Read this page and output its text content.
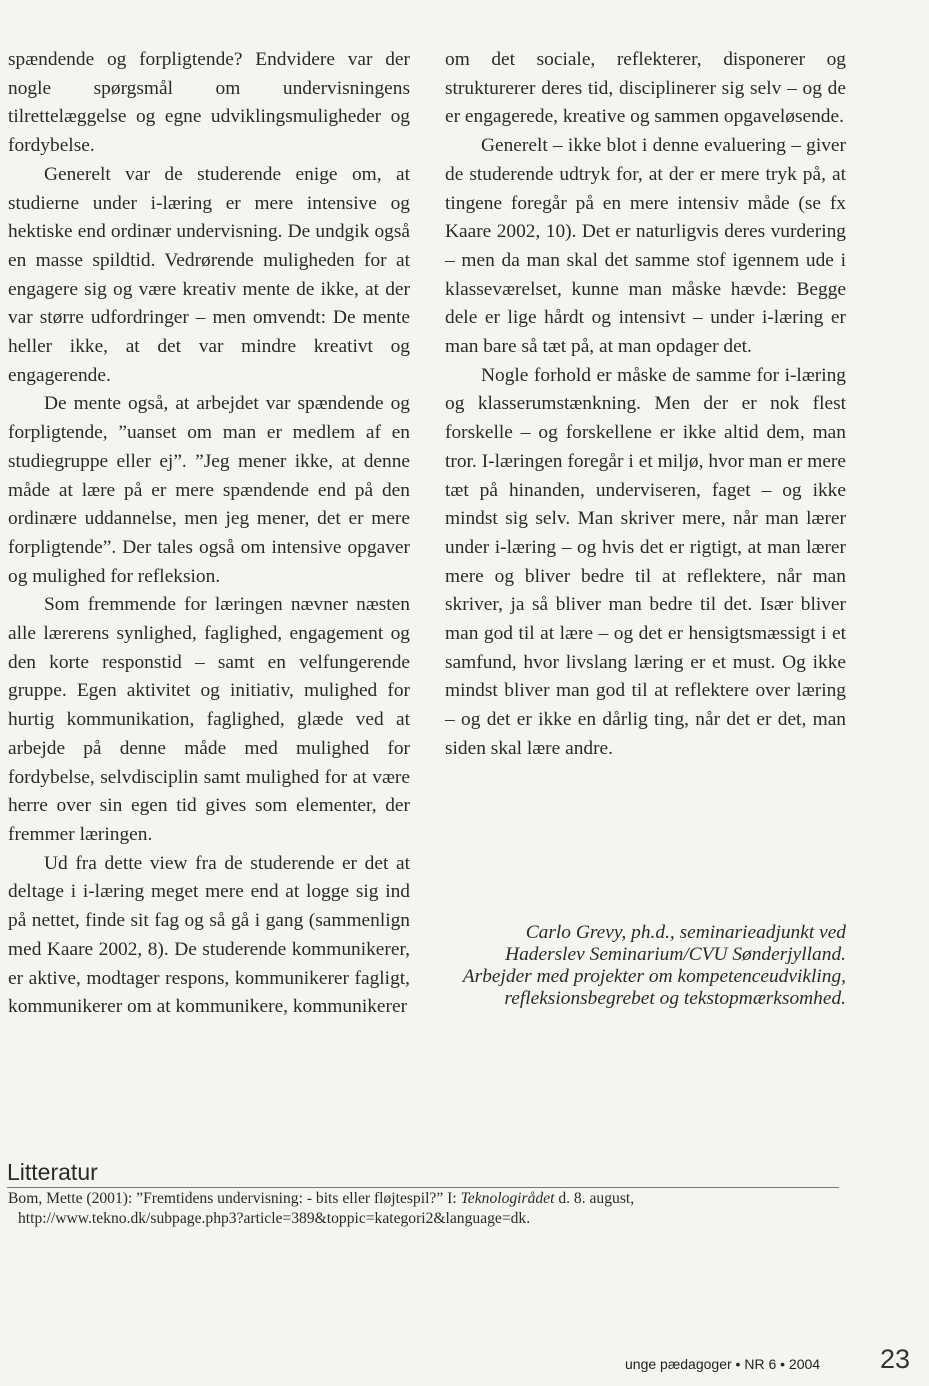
spændende og forpligtende? Endvidere var der nogle spørgsmål om undervisningens tilrettelæggelse og egne udviklingsmuligheder og fordybelse.

Generelt var de studerende enige om, at studierne under i-læring er mere intensive og hektiske end ordinær undervisning. De undgik også en masse spildtid. Vedrørende muligheden for at engagere sig og være kreativ mente de ikke, at der var større udfordringer – men omvendt: De mente heller ikke, at det var mindre kreativt og engagerende.

De mente også, at arbejdet var spændende og forpligtende, ”uanset om man er medlem af en studiegruppe eller ej”. ”Jeg mener ikke, at denne måde at lære på er mere spændende end på den ordinære uddannelse, men jeg mener, det er mere forpligtende”. Der tales også om intensive opgaver og mulighed for refleksion.

Som fremmende for læringen nævner næsten alle lærerens synlighed, faglighed, engagement og den korte responstid – samt en velfungerende gruppe. Egen aktivitet og initiativ, mulighed for hurtig kommunikation, faglighed, glæde ved at arbejde på denne måde med mulighed for fordybelse, selvdisciplin samt mulighed for at være herre over sin egen tid gives som elementer, der fremmer læringen.

Ud fra dette view fra de studerende er det at deltage i i-læring meget mere end at logge sig ind på nettet, finde sit fag og så gå i gang (sammenlign med Kaare 2002, 8). De studerende kommunikerer, er aktive, modtager respons, kommunikerer fagligt, kommunikerer om at kommunikere, kommunikerer

om det sociale, reflekterer, disponerer og strukturerer deres tid, disciplinerer sig selv – og de er engagerede, kreative og sammen opgaveløsende.

Generelt – ikke blot i denne evaluering – giver de studerende udtryk for, at der er mere tryk på, at tingene foregår på en mere intensiv måde (se fx Kaare 2002, 10). Det er naturligvis deres vurdering – men da man skal det samme stof igennem ude i klasseværelset, kunne man måske hævde: Begge dele er lige hårdt og intensivt – under i-læring er man bare så tæt på, at man opdager det.

Nogle forhold er måske de samme for i-læring og klasserumstænkning. Men der er nok flest forskelle – og forskellene er ikke altid dem, man tror. I-læringen foregår i et miljø, hvor man er mere tæt på hinanden, underviseren, faget – og ikke mindst sig selv. Man skriver mere, når man lærer under i-læring – og hvis det er rigtigt, at man lærer mere og bliver bedre til at reflektere, når man skriver, ja så bliver man bedre til det. Især bliver man god til at lære – og det er hensigtsmæssigt i et samfund, hvor livslang læring er et must. Og ikke mindst bliver man god til at reflektere over læring – og det er ikke en dårlig ting, når det er det, man siden skal lære andre.

Carlo Grevy, ph.d., seminarieadjunkt ved Haderslev Seminarium/CVU Sønderjylland. Arbejder med projekter om kompetenceudvikling, refleksionsbegrebet og tekstopmærksomhed.
Litteratur
Bom, Mette (2001): ”Fremtidens undervisning: - bits eller fløjtespil?” I: Teknologirådet d. 8. august,
http://www.tekno.dk/subpage.php3?article=389&toppic=kategori2&language=dk.
unge pædagoger • NR 6 • 2004 23
